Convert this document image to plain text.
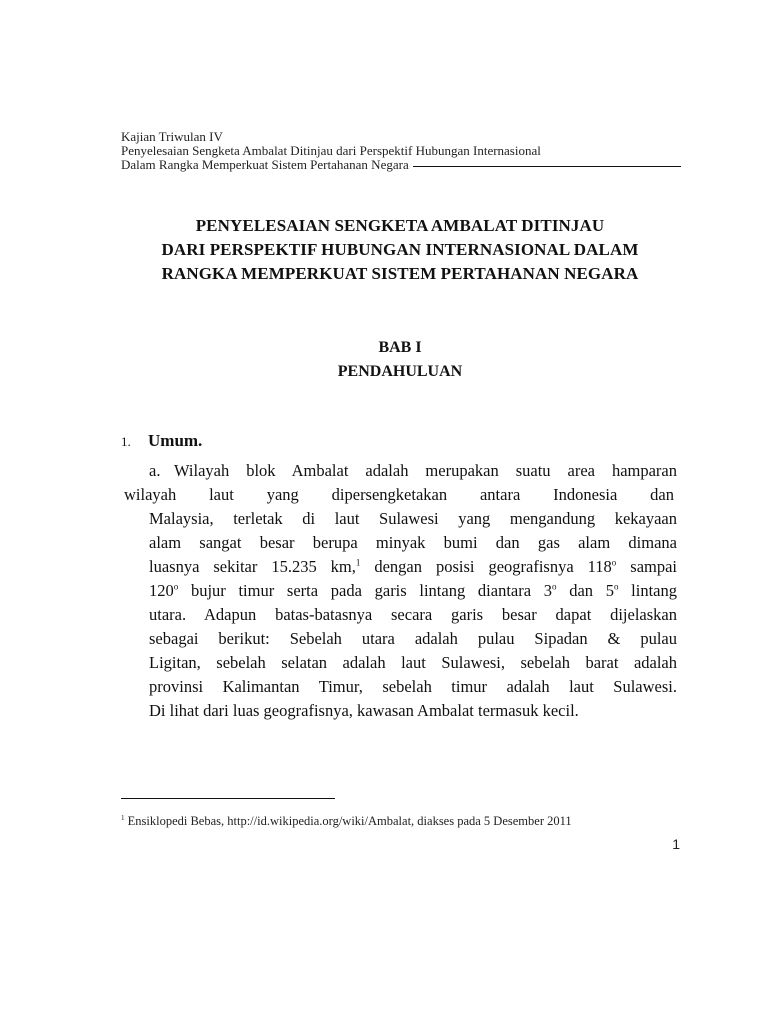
Kajian Triwulan IV
Penyelesaian Sengketa Ambalat Ditinjau dari Perspektif Hubungan Internasional
Dalam Rangka Memperkuat Sistem Pertahanan Negara
PENYELESAIAN SENGKETA AMBALAT DITINJAU
DARI PERSPEKTIF HUBUNGAN INTERNASIONAL DALAM
RANGKA MEMPERKUAT SISTEM PERTAHANAN NEGARA
BAB I
PENDAHULUAN
1. Umum.
a. Wilayah blok Ambalat adalah merupakan suatu area hamparan
wilayah laut yang dipersengketakan antara Indonesia dan
Malaysia, terletak di laut Sulawesi yang mengandung kekayaan
alam sangat besar berupa minyak bumi dan gas alam dimana
luasnya sekitar 15.235 km,$^1$ dengan posisi geografisnya 118$^o$ sampai
120$^o$ bujur timur serta pada garis lintang diantara 3$^o$ dan 5$^o$ lintang
utara. Adapun batas-batasnya secara garis besar dapat dijelaskan
sebagai berikut: Sebelah utara adalah pulau Sipadan & pulau
Ligitan, sebelah selatan adalah laut Sulawesi, sebelah barat adalah
provinsi Kalimantan Timur, sebelah timur adalah laut Sulawesi.
Di lihat dari luas geografisnya, kawasan Ambalat termasuk kecil.
$^1$ Ensiklopedi Bebas, http://id.wikipedia.org/wiki/Ambalat, diakses pada 5 Desember 2011
1
